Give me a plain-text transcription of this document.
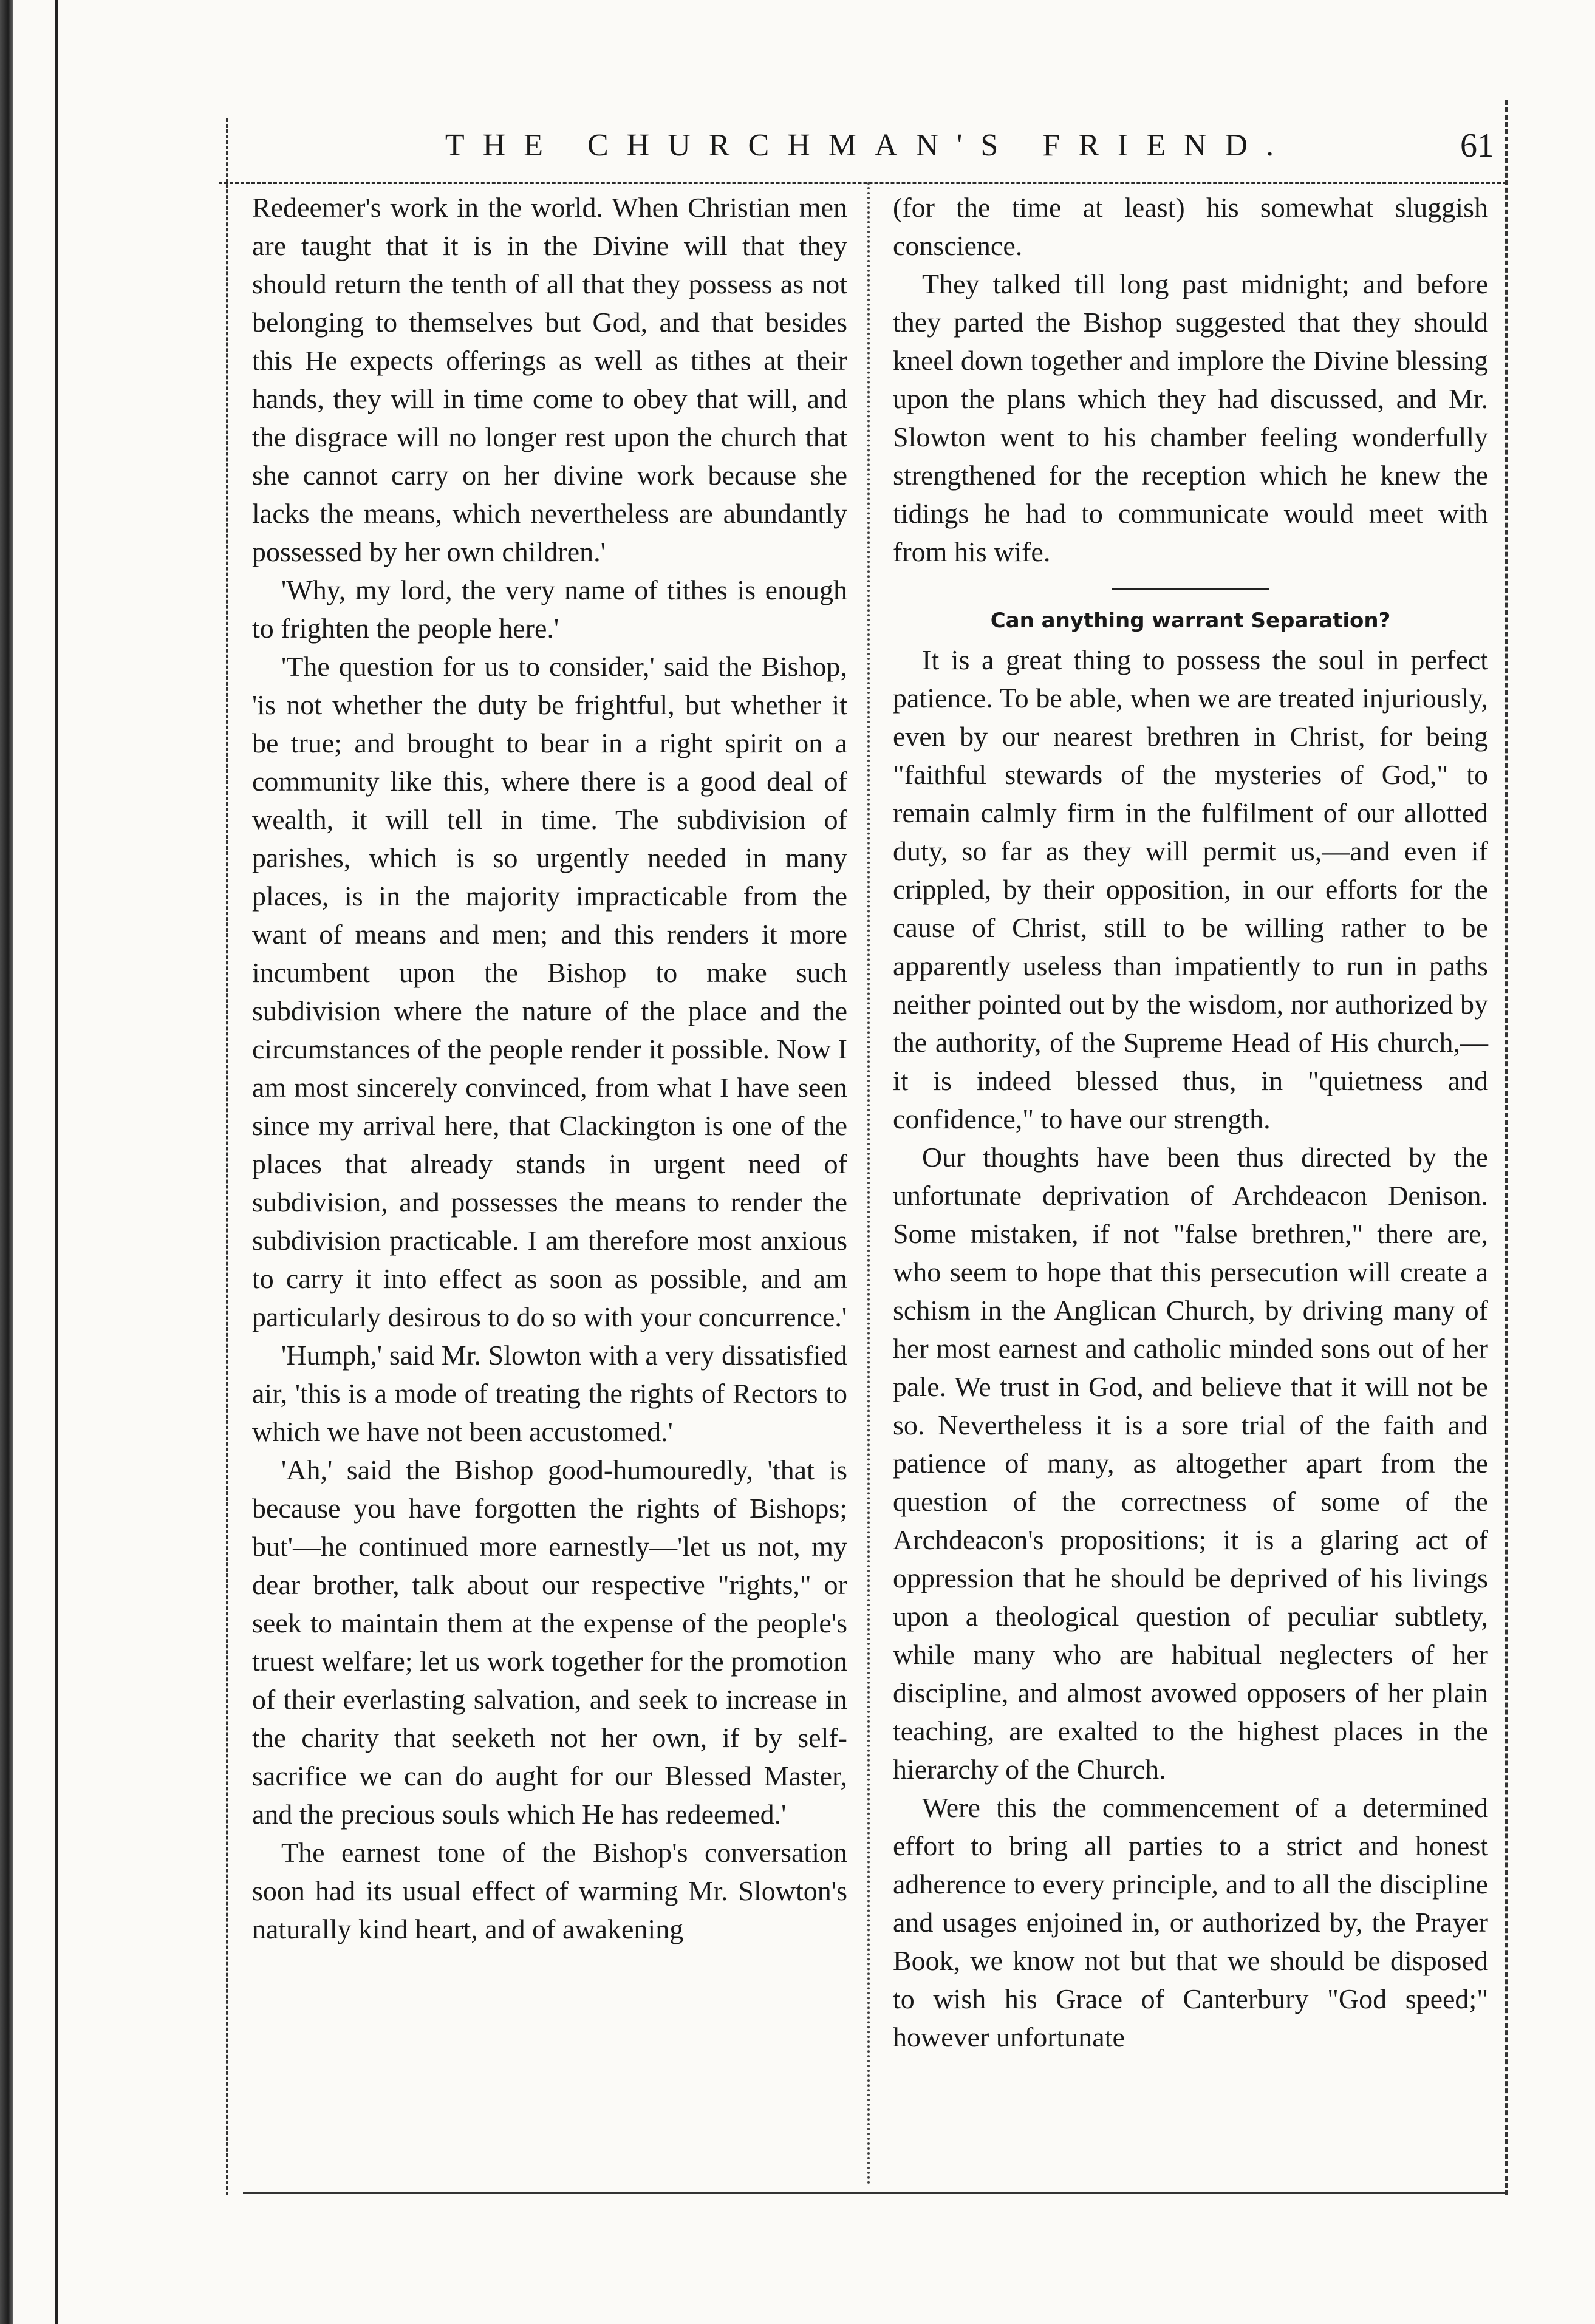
THE CHURCHMAN'S FRIEND.	61

Redeemer's work in the world. When Christian men are taught that it is in the Divine will that they should return the tenth of all that they possess as not belonging to themselves but God, and that besides this He expects offerings as well as tithes at their hands, they will in time come to obey that will, and the disgrace will no longer rest upon the church that she cannot carry on her divine work because she lacks the means, which nevertheless are abundantly possessed by her own children.'

'Why, my lord, the very name of tithes is enough to frighten the people here.'

'The question for us to consider,' said the Bishop, 'is not whether the duty be frightful, but whether it be true; and brought to bear in a right spirit on a community like this, where there is a good deal of wealth, it will tell in time. The subdivision of parishes, which is so urgently needed in many places, is in the majority impracticable from the want of means and men; and this renders it more incumbent upon the Bishop to make such subdivision where the nature of the place and the circumstances of the people render it possible. Now I am most sincerely convinced, from what I have seen since my arrival here, that Clackington is one of the places that already stands in urgent need of subdivision, and possesses the means to render the subdivision practicable. I am therefore most anxious to carry it into effect as soon as possible, and am particularly desirous to do so with your concurrence.'

'Humph,' said Mr. Slowton with a very dissatisfied air, 'this is a mode of treating the rights of Rectors to which we have not been accustomed.'

'Ah,' said the Bishop good-humouredly, 'that is because you have forgotten the rights of Bishops; but'—he continued more earnestly—'let us not, my dear brother, talk about our respective "rights," or seek to maintain them at the expense of the people's truest welfare; let us work together for the promotion of their everlasting salvation, and seek to increase in the charity that seeketh not her own, if by self-sacrifice we can do aught for our Blessed Master, and the precious souls which He has redeemed.'

The earnest tone of the Bishop's conversation soon had its usual effect of warming Mr. Slowton's naturally kind heart, and of awakening

(for the time at least) his somewhat sluggish conscience.

They talked till long past midnight; and before they parted the Bishop suggested that they should kneel down together and implore the Divine blessing upon the plans which they had discussed, and Mr. Slowton went to his chamber feeling wonderfully strengthened for the reception which he knew the tidings he had to communicate would meet with from his wife.

Can anything warrant Separation?

It is a great thing to possess the soul in perfect patience. To be able, when we are treated injuriously, even by our nearest brethren in Christ, for being "faithful stewards of the mysteries of God," to remain calmly firm in the fulfilment of our allotted duty, so far as they will permit us,—and even if crippled, by their opposition, in our efforts for the cause of Christ, still to be willing rather to be apparently useless than impatiently to run in paths neither pointed out by the wisdom, nor authorized by the authority, of the Supreme Head of His church,—it is indeed blessed thus, in "quietness and confidence," to have our strength.

Our thoughts have been thus directed by the unfortunate deprivation of Archdeacon Denison. Some mistaken, if not "false brethren," there are, who seem to hope that this persecution will create a schism in the Anglican Church, by driving many of her most earnest and catholic minded sons out of her pale. We trust in God, and believe that it will not be so. Nevertheless it is a sore trial of the faith and patience of many, as altogether apart from the question of the correctness of some of the Archdeacon's propositions; it is a glaring act of oppression that he should be deprived of his livings upon a theological question of peculiar subtlety, while many who are habitual neglecters of her discipline, and almost avowed opposers of her plain teaching, are exalted to the highest places in the hierarchy of the Church.

Were this the commencement of a determined effort to bring all parties to a strict and honest adherence to every principle, and to all the discipline and usages enjoined in, or authorized by, the Prayer Book, we know not but that we should be disposed to wish his Grace of Canterbury "God speed;" however unfortunate
